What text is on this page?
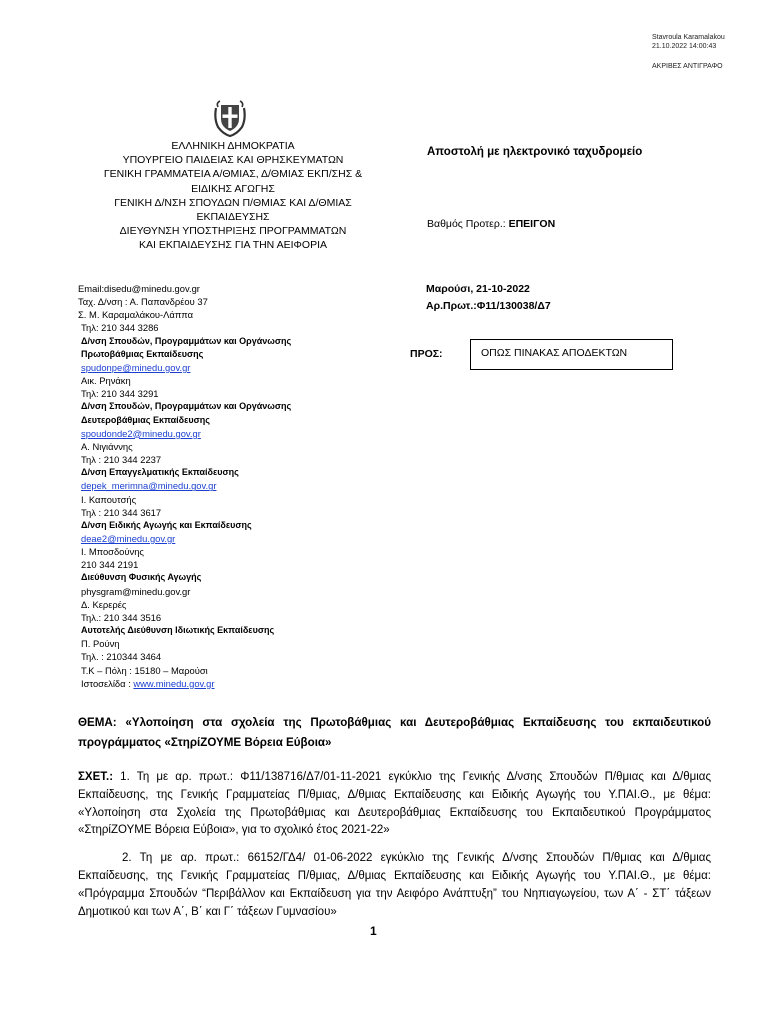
Stavroula Karamalakou
21.10.2022 14:00:43
ΑΚΡΙΒΕΣ ΑΝΤΙΓΡΑΦΟ
ΕΛΛΗΝΙΚΗ ΔΗΜΟΚΡΑΤΙΑ
ΥΠΟΥΡΓΕΙΟ ΠΑΙΔΕΙΑΣ ΚΑΙ ΘΡΗΣΚΕΥΜΑΤΩΝ
ΓΕΝΙΚΗ ΓΡΑΜΜΑΤΕΙΑ Α/ΘΜΙΑΣ, Δ/ΘΜΙΑΣ ΕΚΠ/ΣΗΣ &
ΕΙΔΙΚΗΣ ΑΓΩΓΗΣ
ΓΕΝΙΚΗ Δ/ΝΣΗ ΣΠΟΥΔΩΝ Π/ΘΜΙΑΣ ΚΑΙ Δ/ΘΜΙΑΣ
ΕΚΠΑΙΔΕΥΣΗΣ
ΔΙΕΥΘΥΝΣΗ ΥΠΟΣΤΗΡΙΞΗΣ ΠΡΟΓΡΑΜΜΑΤΩΝ
ΚΑΙ ΕΚΠΑΙΔΕΥΣΗΣ ΓΙΑ ΤΗΝ ΑΕΙΦΟΡΙΑ
Αποστολή με ηλεκτρονικό ταχυδρομείο
Βαθμός Προτερ.: ΕΠΕΙΓΟΝ
Μαρούσι, 21-10-2022
Αρ.Πρωτ.:Φ11/130038/Δ7
ΠΡΟΣ:	ΟΠΩΣ ΠΙΝΑΚΑΣ ΑΠΟΔΕΚΤΩΝ
Email:disedu@minedu.gov.gr
Ταχ. Δ/νση : Α. Παπανδρέου 37
Σ. Μ. Καραμαλάκου-Λάππα
Τηλ: 210 344 3286
Δ/νση Σπουδών, Προγραμμάτων και Οργάνωσης
Πρωτοβάθμιας Εκπαίδευσης
spudonpe@minedu.gov.gr
Αικ. Ρηνάκη
Τηλ: 210 344 3291
Δ/νση Σπουδών, Προγραμμάτων και Οργάνωσης
Δευτεροβάθμιας Εκπαίδευσης
spoudonde2@minedu.gov.gr
Α. Νιγιάννης
Τηλ : 210 344 2237
Δ/νση Επαγγελματικής Εκπαίδευσης
depek_merimna@minedu.gov.gr
Ι. Καπουτσής
Τηλ : 210 344 3617
Δ/νση Ειδικής Αγωγής και Εκπαίδευσης
deae2@minedu.gov.gr
Ι. Μποσδούνης
210 344 2191
Διεύθυνση Φυσικής Αγωγής
physgram@minedu.gov.gr
Δ. Κερερές
Τηλ.: 210 344 3516
Αυτοτελής Διεύθυνση Ιδιωτικής Εκπαίδευσης
Π. Ρούνη
Τηλ. : 210344 3464
Τ.Κ – Πόλη : 15180 – Μαρούσι
Ιστοσελίδα : www.minedu.gov.gr
ΘΕΜΑ: «Υλοποίηση στα σχολεία της Πρωτοβάθμιας και Δευτεροβάθμιας Εκπαίδευσης του εκπαιδευτικού προγράμματος «ΣτηρίΖΟΥΜΕ Βόρεια Εύβοια»

ΣΧΕΤ.: 1. Τη με αρ. πρωτ.: Φ11/138716/Δ7/01-11-2021 εγκύκλιο της Γενικής Δ/νσης Σπουδών Π/θμιας και Δ/θμιας Εκπαίδευσης, της Γενικής Γραμματείας Π/θμιας, Δ/θμιας Εκπαίδευσης και Ειδικής Αγωγής του Υ.ΠΑΙ.Θ., με θέμα: «Υλοποίηση στα Σχολεία της Πρωτοβάθμιας και Δευτεροβάθμιας Εκπαίδευσης του Εκπαιδευτικού Προγράμματος «ΣτηρίΖΟΥΜΕ Βόρεια Εύβοια», για το σχολικό έτος 2021-22»

2. Τη με αρ. πρωτ.: 66152/ΓΔ4/ 01-06-2022 εγκύκλιο της Γενικής Δ/νσης Σπουδών Π/θμιας και Δ/θμιας Εκπαίδευσης, της Γενικής Γραμματείας Π/θμιας, Δ/θμιας Εκπαίδευσης και Ειδικής Αγωγής του Υ.ΠΑΙ.Θ., με θέμα: «Πρόγραμμα Σπουδών “Περιβάλλον και Εκπαίδευση για την Αειφόρο Ανάπτυξη” του Νηπιαγωγείου, των Α΄ - ΣΤ΄ τάξεων Δημοτικού και των Α΄, Β΄ και Γ΄ τάξεων Γυμνασίου»

1
